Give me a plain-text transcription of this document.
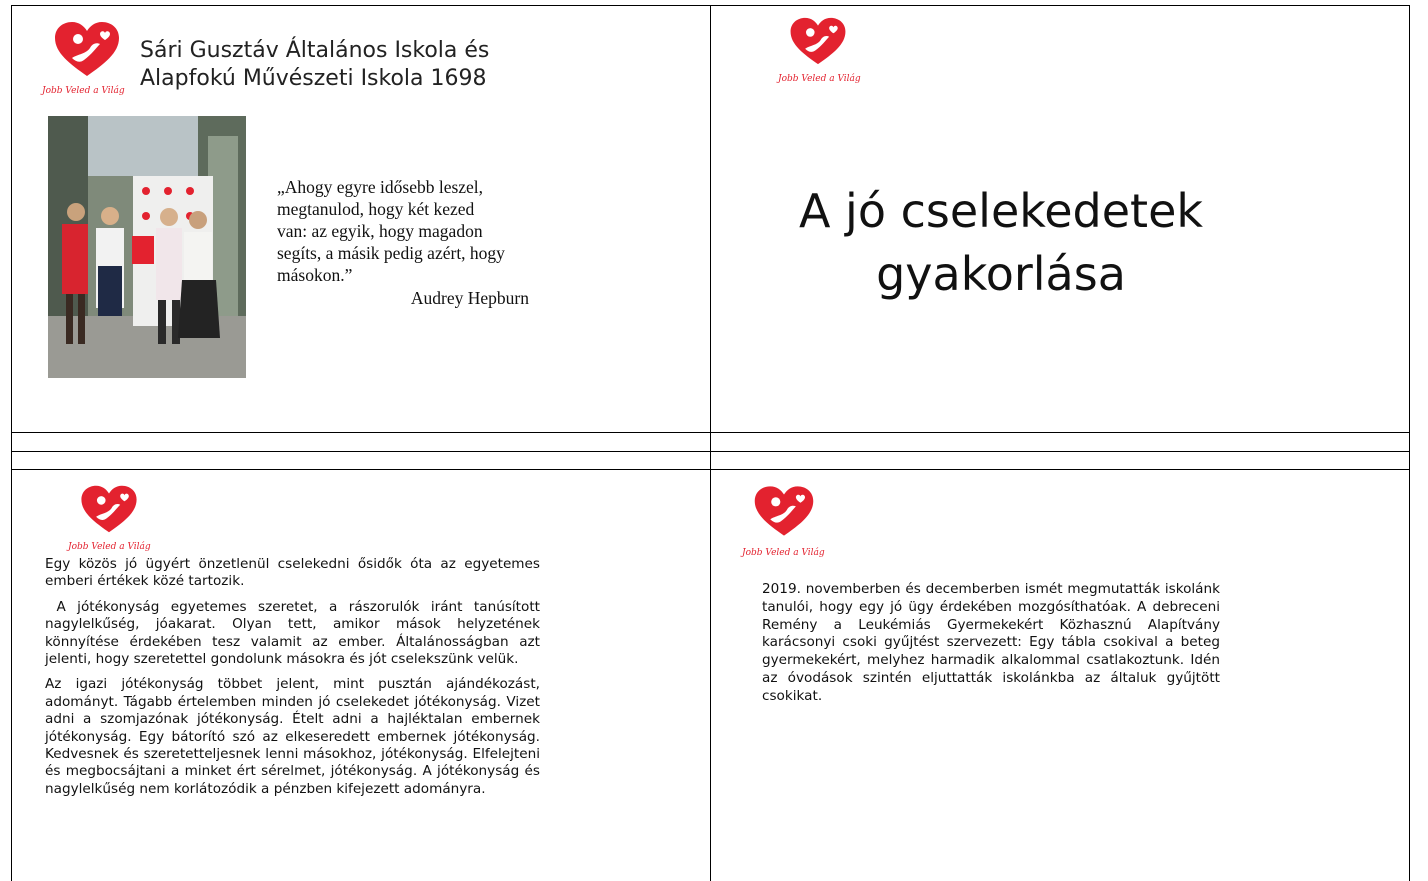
Jobb Veled a Világ
Sári Gusztáv Általános Iskola és
Alapfokú Művészeti Iskola 1698
„Ahogy egyre idősebb leszel,
megtanulod, hogy két kezed
van: az egyik, hogy magadon
segíts, a másik pedig azért, hogy
másokon.”
Audrey Hepburn
Jobb Veled a Világ
A jó cselekedetek
gyakorlása
Jobb Veled a Világ

Egy közös jó ügyért önzetlenül cselekedni ősidők óta az egyetemes emberi értékek közé tartozik.

A jótékonyság egyetemes szeretet, a rászorulók iránt tanúsított nagylelkűség, jóakarat. Olyan tett, amikor mások helyzetének könnyítése érdekében tesz valamit az ember. Általánosságban azt jelenti, hogy szeretettel gondolunk másokra és jót cselekszünk velük.

Az igazi jótékonyság többet jelent, mint pusztán ajándékozást, adományt. Tágabb értelemben minden jó cselekedet jótékonyság. Vizet adni a szomjazónak jótékonyság. Ételt adni a hajléktalan embernek jótékonyság. Egy bátorító szó az elkeseredett embernek jótékonyság. Kedvesnek és szeretetteljesnek lenni másokhoz, jótékonyság. Elfelejteni és megbocsájtani a minket ért sérelmet, jótékonyság. A jótékonyság és nagylelkűség nem korlátozódik a pénzben kifejezett adományra.

Jobb Veled a Világ
2019. novemberben és decemberben ismét megmutatták iskolánk tanulói, hogy egy jó ügy érdekében mozgósíthatóak. A debreceni Remény a Leukémiás Gyermekekért Közhasznú Alapítvány karácsonyi csoki gyűjtést szervezett: Egy tábla csokival a beteg gyermekekért, melyhez harmadik alkalommal csatlakoztunk. Idén az óvodások szintén eljuttatták iskolánkba az általuk gyűjtött csokikat.
